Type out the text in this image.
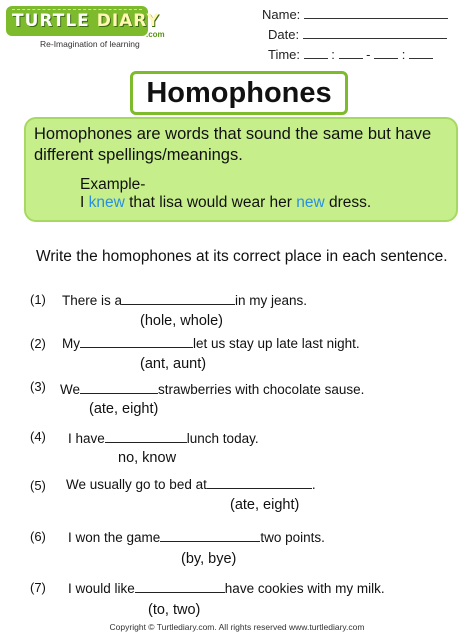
TURTLE DIARY
.com
Re-Imagination of learning
Name:
Date:
Time: : - :
Homophones
Homophones are words that sound the same but have different spellings/meanings.
Example-
I knew that lisa would wear her new dress.
Write the homophones at its correct place in each sentence.
(1) There is a	in my jeans.
(hole, whole)
(2) My	let us stay up late last night.
(ant, aunt)
(3) We	strawberries with chocolate sause.
(ate, eight)
(4) I have	lunch today.
no, know
(5) We usually go to bed at	.
(ate, eight)
(6) I won the game	two points.
(by, bye)
(7) I would like	have cookies with my milk.
(to, two)
Copyright © Turtlediary.com. All rights reserved www.turtlediary.com
